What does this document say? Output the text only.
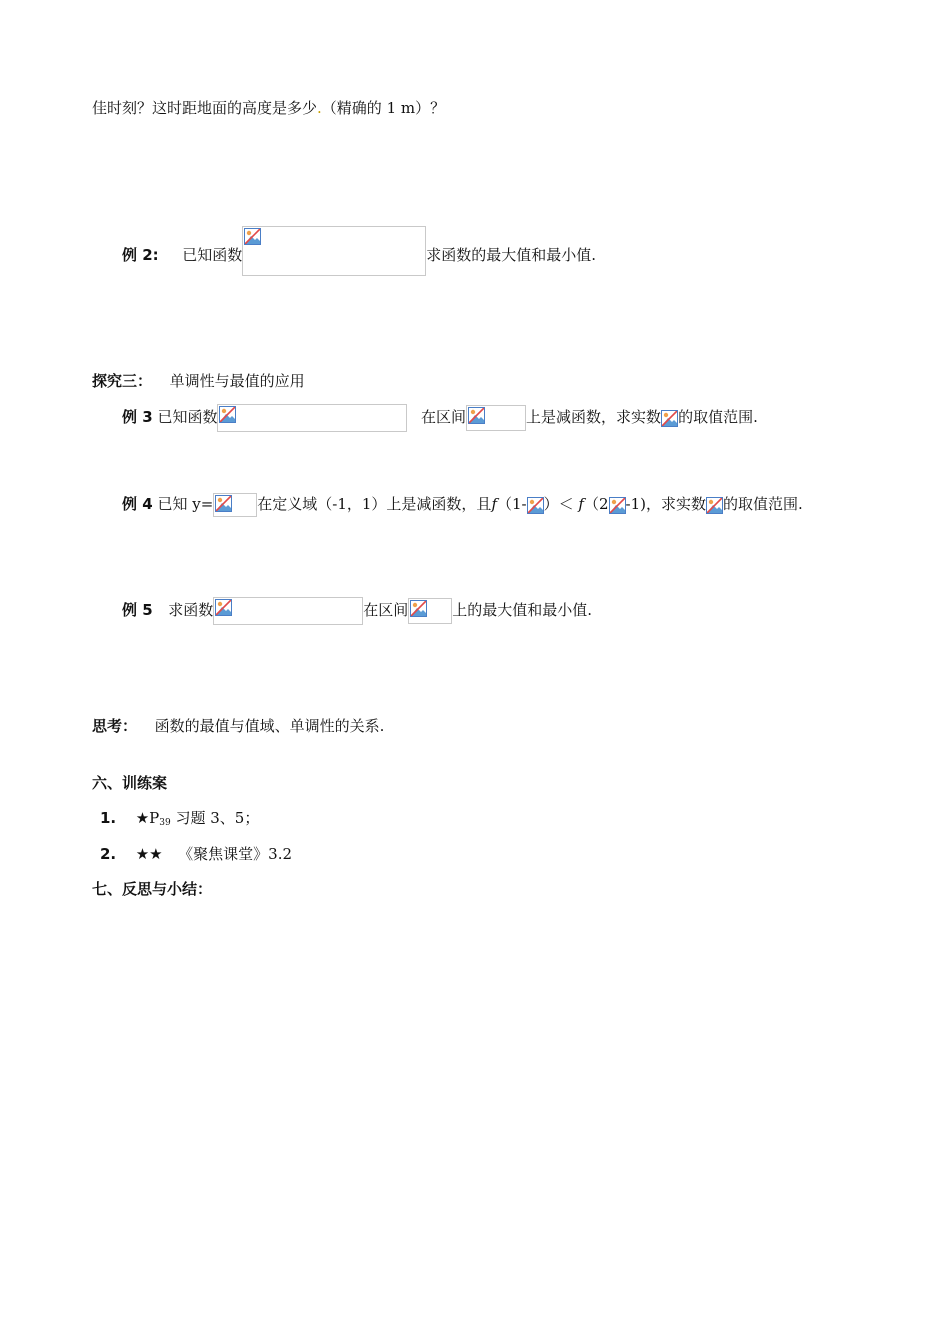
佳时刻？这时距地面的高度是多少.（精确的 1 m）？
例 2: 已知函数	求函数的最大值和最小值.
探究三： 单调性与最值的应用
例 3 已知函数	在区间	上是减函数，求实数 的取值范围.
例 4 已知 y=	在定义域（-1，1）上是减函数，且f（1- ）＜ f（2 -1)，求实数 的取值范围.
例 5 求函数	在区间	上的最大值和最小值.
思考： 函数的最值与值域、单调性的关系.
六、训练案
1. $★P_{39}$ 习题 3、5；
2. ★★ 《聚焦课堂》3.2
七、反思与小结：
